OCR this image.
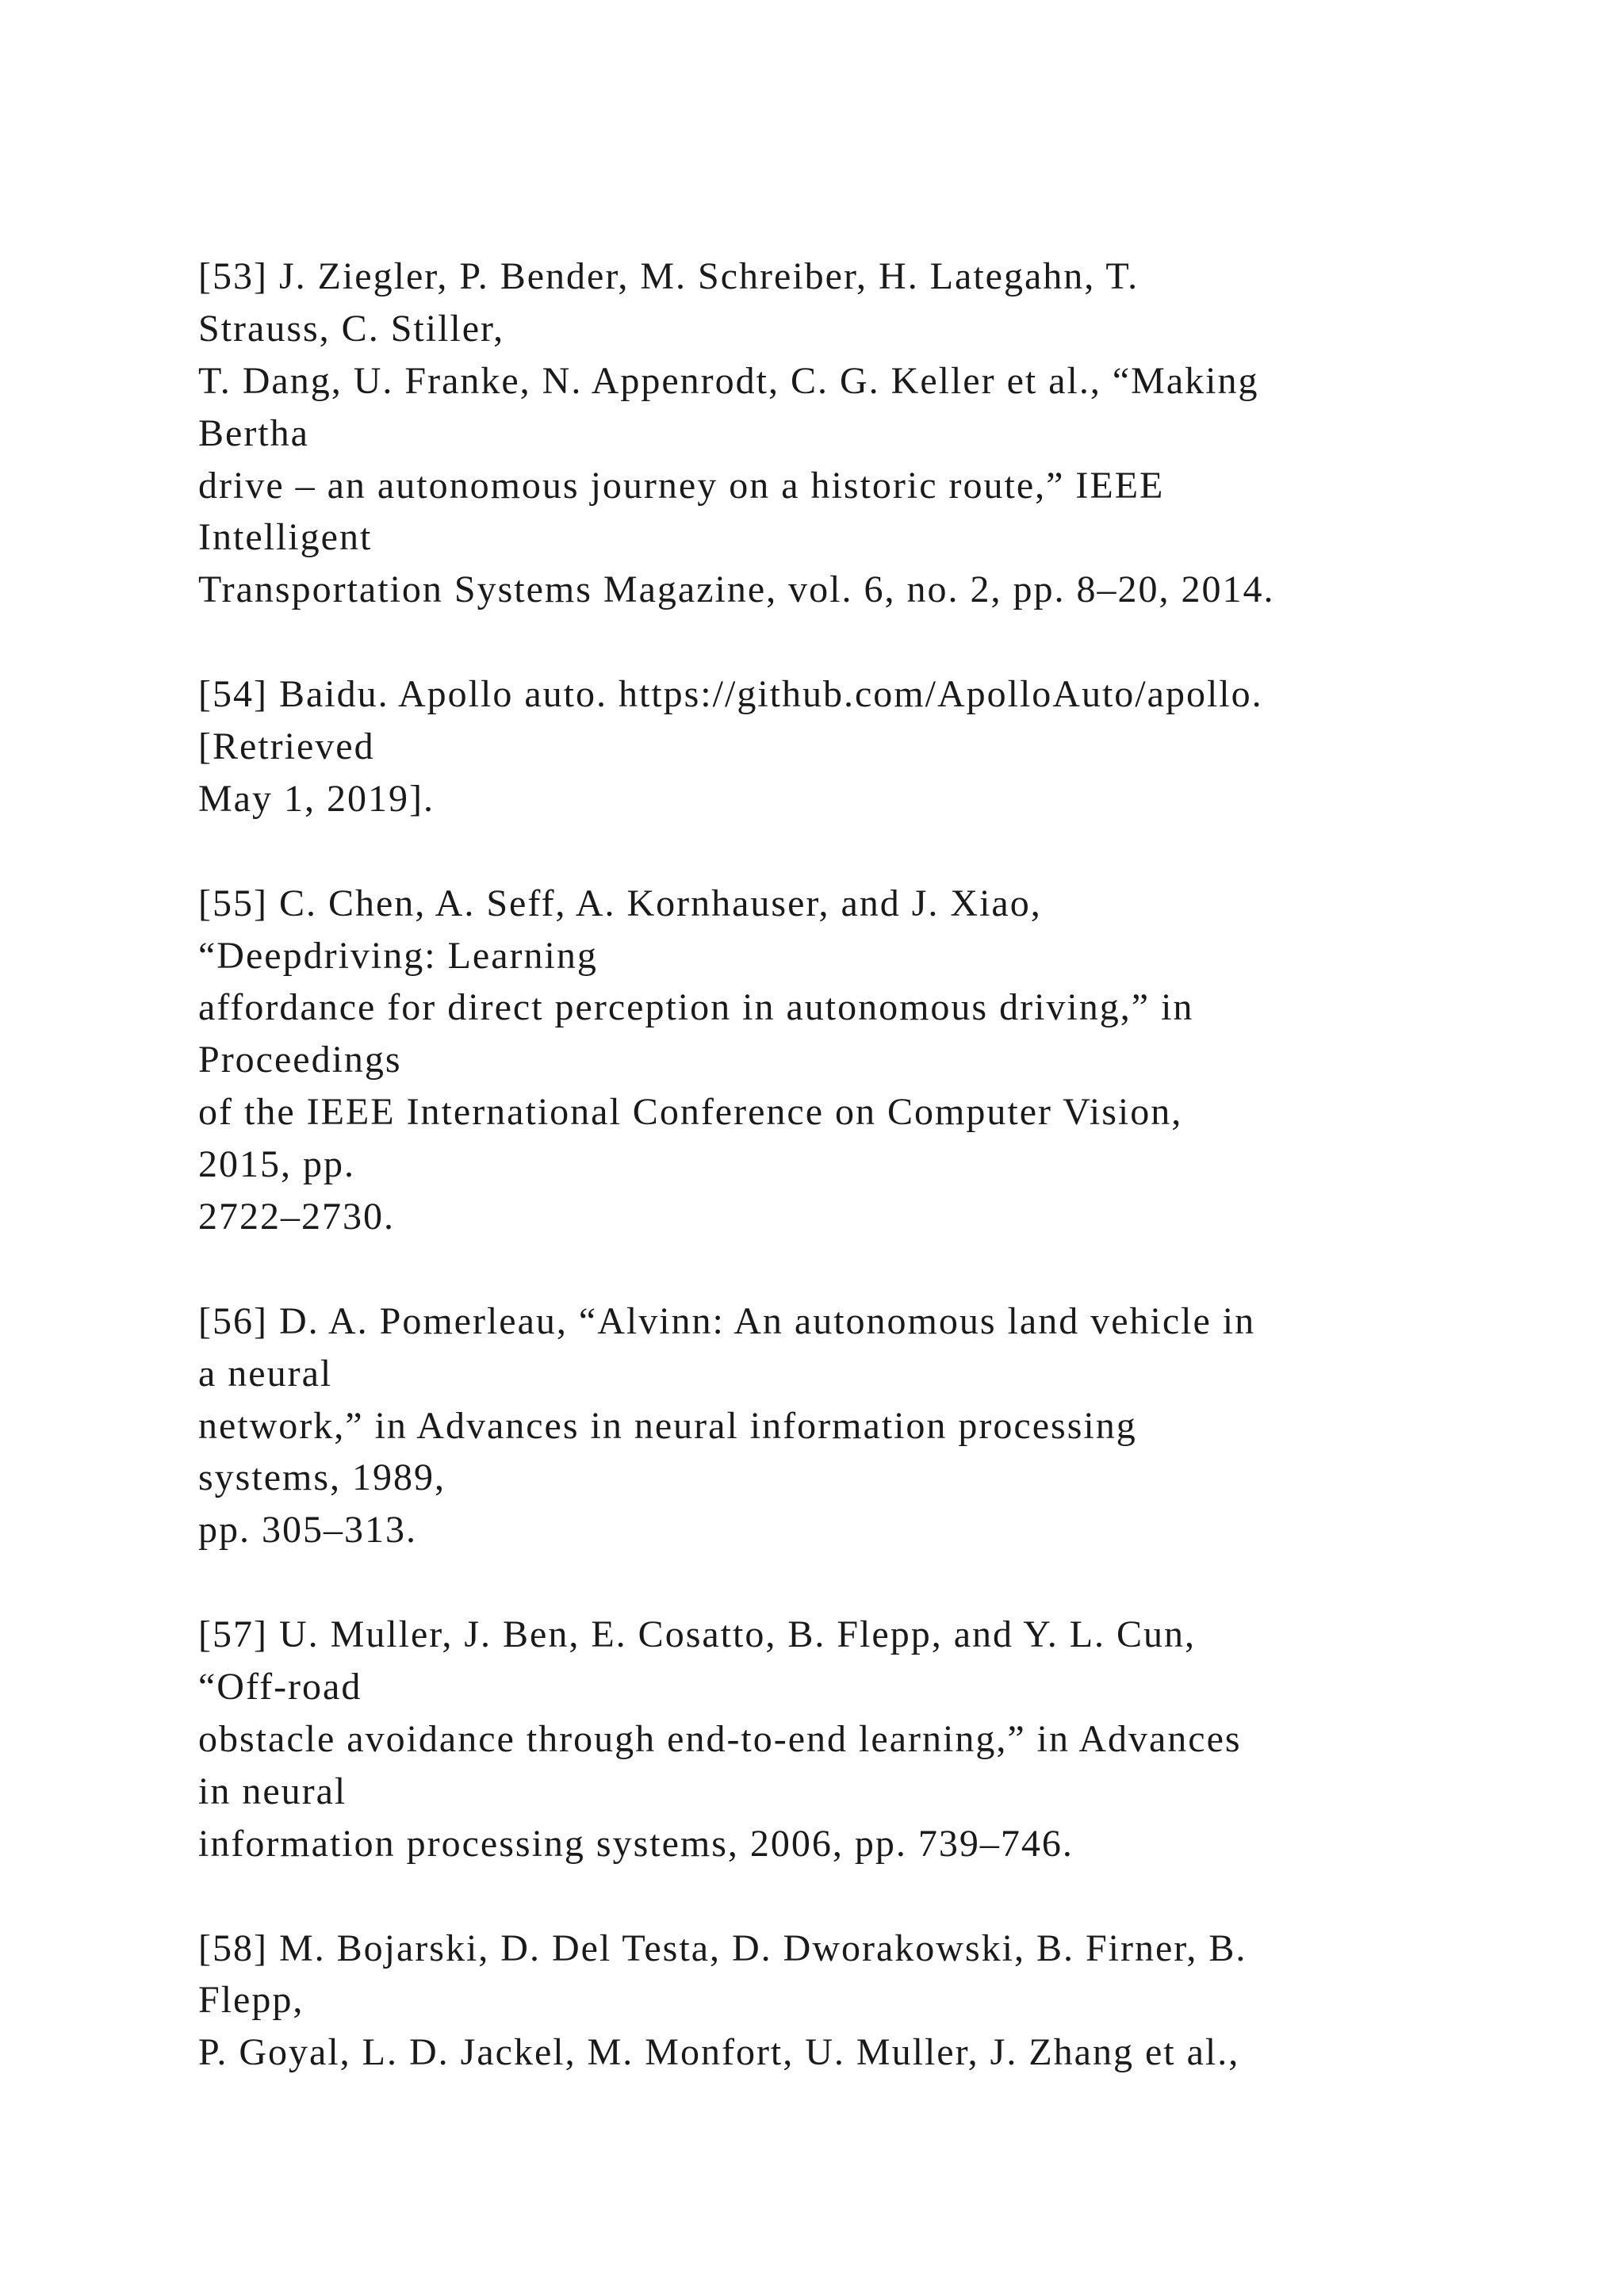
[53] J. Ziegler, P. Bender, M. Schreiber, H. Lategahn, T.
Strauss, C. Stiller,
T. Dang, U. Franke, N. Appenrodt, C. G. Keller et al., “Making
Bertha
drive – an autonomous journey on a historic route,” IEEE
Intelligent
Transportation Systems Magazine, vol. 6, no. 2, pp. 8–20, 2014.
[54] Baidu. Apollo auto. https://github.com/ApolloAuto/apollo.
[Retrieved
May 1, 2019].
[55] C. Chen, A. Seff, A. Kornhauser, and J. Xiao,
“Deepdriving: Learning
affordance for direct perception in autonomous driving,” in
Proceedings
of the IEEE International Conference on Computer Vision,
2015, pp.
2722–2730.
[56] D. A. Pomerleau, “Alvinn: An autonomous land vehicle in
a neural
network,” in Advances in neural information processing
systems, 1989,
pp. 305–313.
[57] U. Muller, J. Ben, E. Cosatto, B. Flepp, and Y. L. Cun,
“Off-road
obstacle avoidance through end-to-end learning,” in Advances
in neural
information processing systems, 2006, pp. 739–746.
[58] M. Bojarski, D. Del Testa, D. Dworakowski, B. Firner, B.
Flepp,
P. Goyal, L. D. Jackel, M. Monfort, U. Muller, J. Zhang et al.,
